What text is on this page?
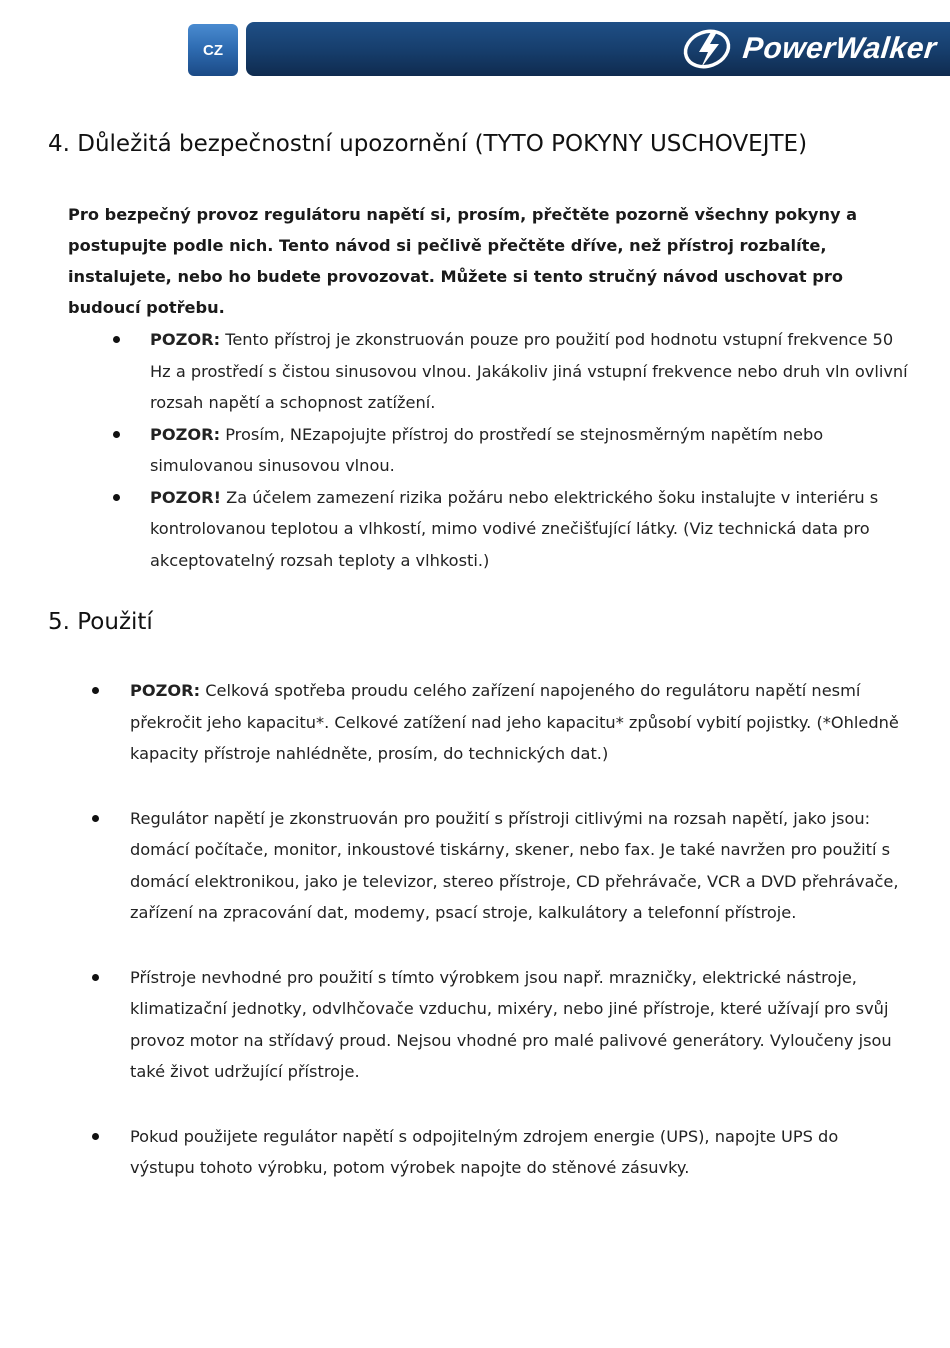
CZ	PowerWalker
4. Důležitá bezpečnostní upozornění (TYTO POKYNY USCHOVEJTE)

Pro bezpečný provoz regulátoru napětí si, prosím, přečtěte pozorně všechny pokyny a postupujte podle nich. Tento návod si pečlivě přečtěte dříve, než přístroj rozbalíte, instalujete, nebo ho budete provozovat. Můžete si tento stručný návod uschovat pro budoucí potřebu.

POZOR: Tento přístroj je zkonstruován pouze pro použití pod hodnotu vstupní frekvence 50 Hz a prostředí s čistou sinusovou vlnou. Jakákoliv jiná vstupní frekvence nebo druh vln ovlivní rozsah napětí a schopnost zatížení.
POZOR: Prosím, NEzapojujte přístroj do prostředí se stejnosměrným napětím nebo simulovanou sinusovou vlnou.
POZOR! Za účelem zamezení rizika požáru nebo elektrického šoku instalujte v interiéru s kontrolovanou teplotou a vlhkostí, mimo vodivé znečišťující látky. (Viz technická data pro akceptovatelný rozsah teploty a vlhkosti.)
5. Použití
POZOR: Celková spotřeba proudu celého zařízení napojeného do regulátoru napětí nesmí překročit jeho kapacitu*. Celkové zatížení nad jeho kapacitu* způsobí vybití pojistky. (*Ohledně kapacity přístroje nahlédněte, prosím, do technických dat.)
Regulátor napětí je zkonstruován pro použití s přístroji citlivými na rozsah napětí, jako jsou: domácí počítače, monitor, inkoustové tiskárny, skener, nebo fax. Je také navržen pro použití s domácí elektronikou, jako je televizor, stereo přístroje, CD přehrávače, VCR a DVD přehrávače, zařízení na zpracování dat, modemy, psací stroje, kalkulátory a telefonní přístroje.
Přístroje nevhodné pro použití s tímto výrobkem jsou např. mrazničky, elektrické nástroje, klimatizační jednotky, odvlhčovače vzduchu, mixéry, nebo jiné přístroje, které užívají pro svůj provoz motor na střídavý proud. Nejsou vhodné pro malé palivové generátory. Vyloučeny jsou také život udržující přístroje.
Pokud použijete regulátor napětí s odpojitelným zdrojem energie (UPS), napojte UPS do výstupu tohoto výrobku, potom výrobek napojte do stěnové zásuvky.
